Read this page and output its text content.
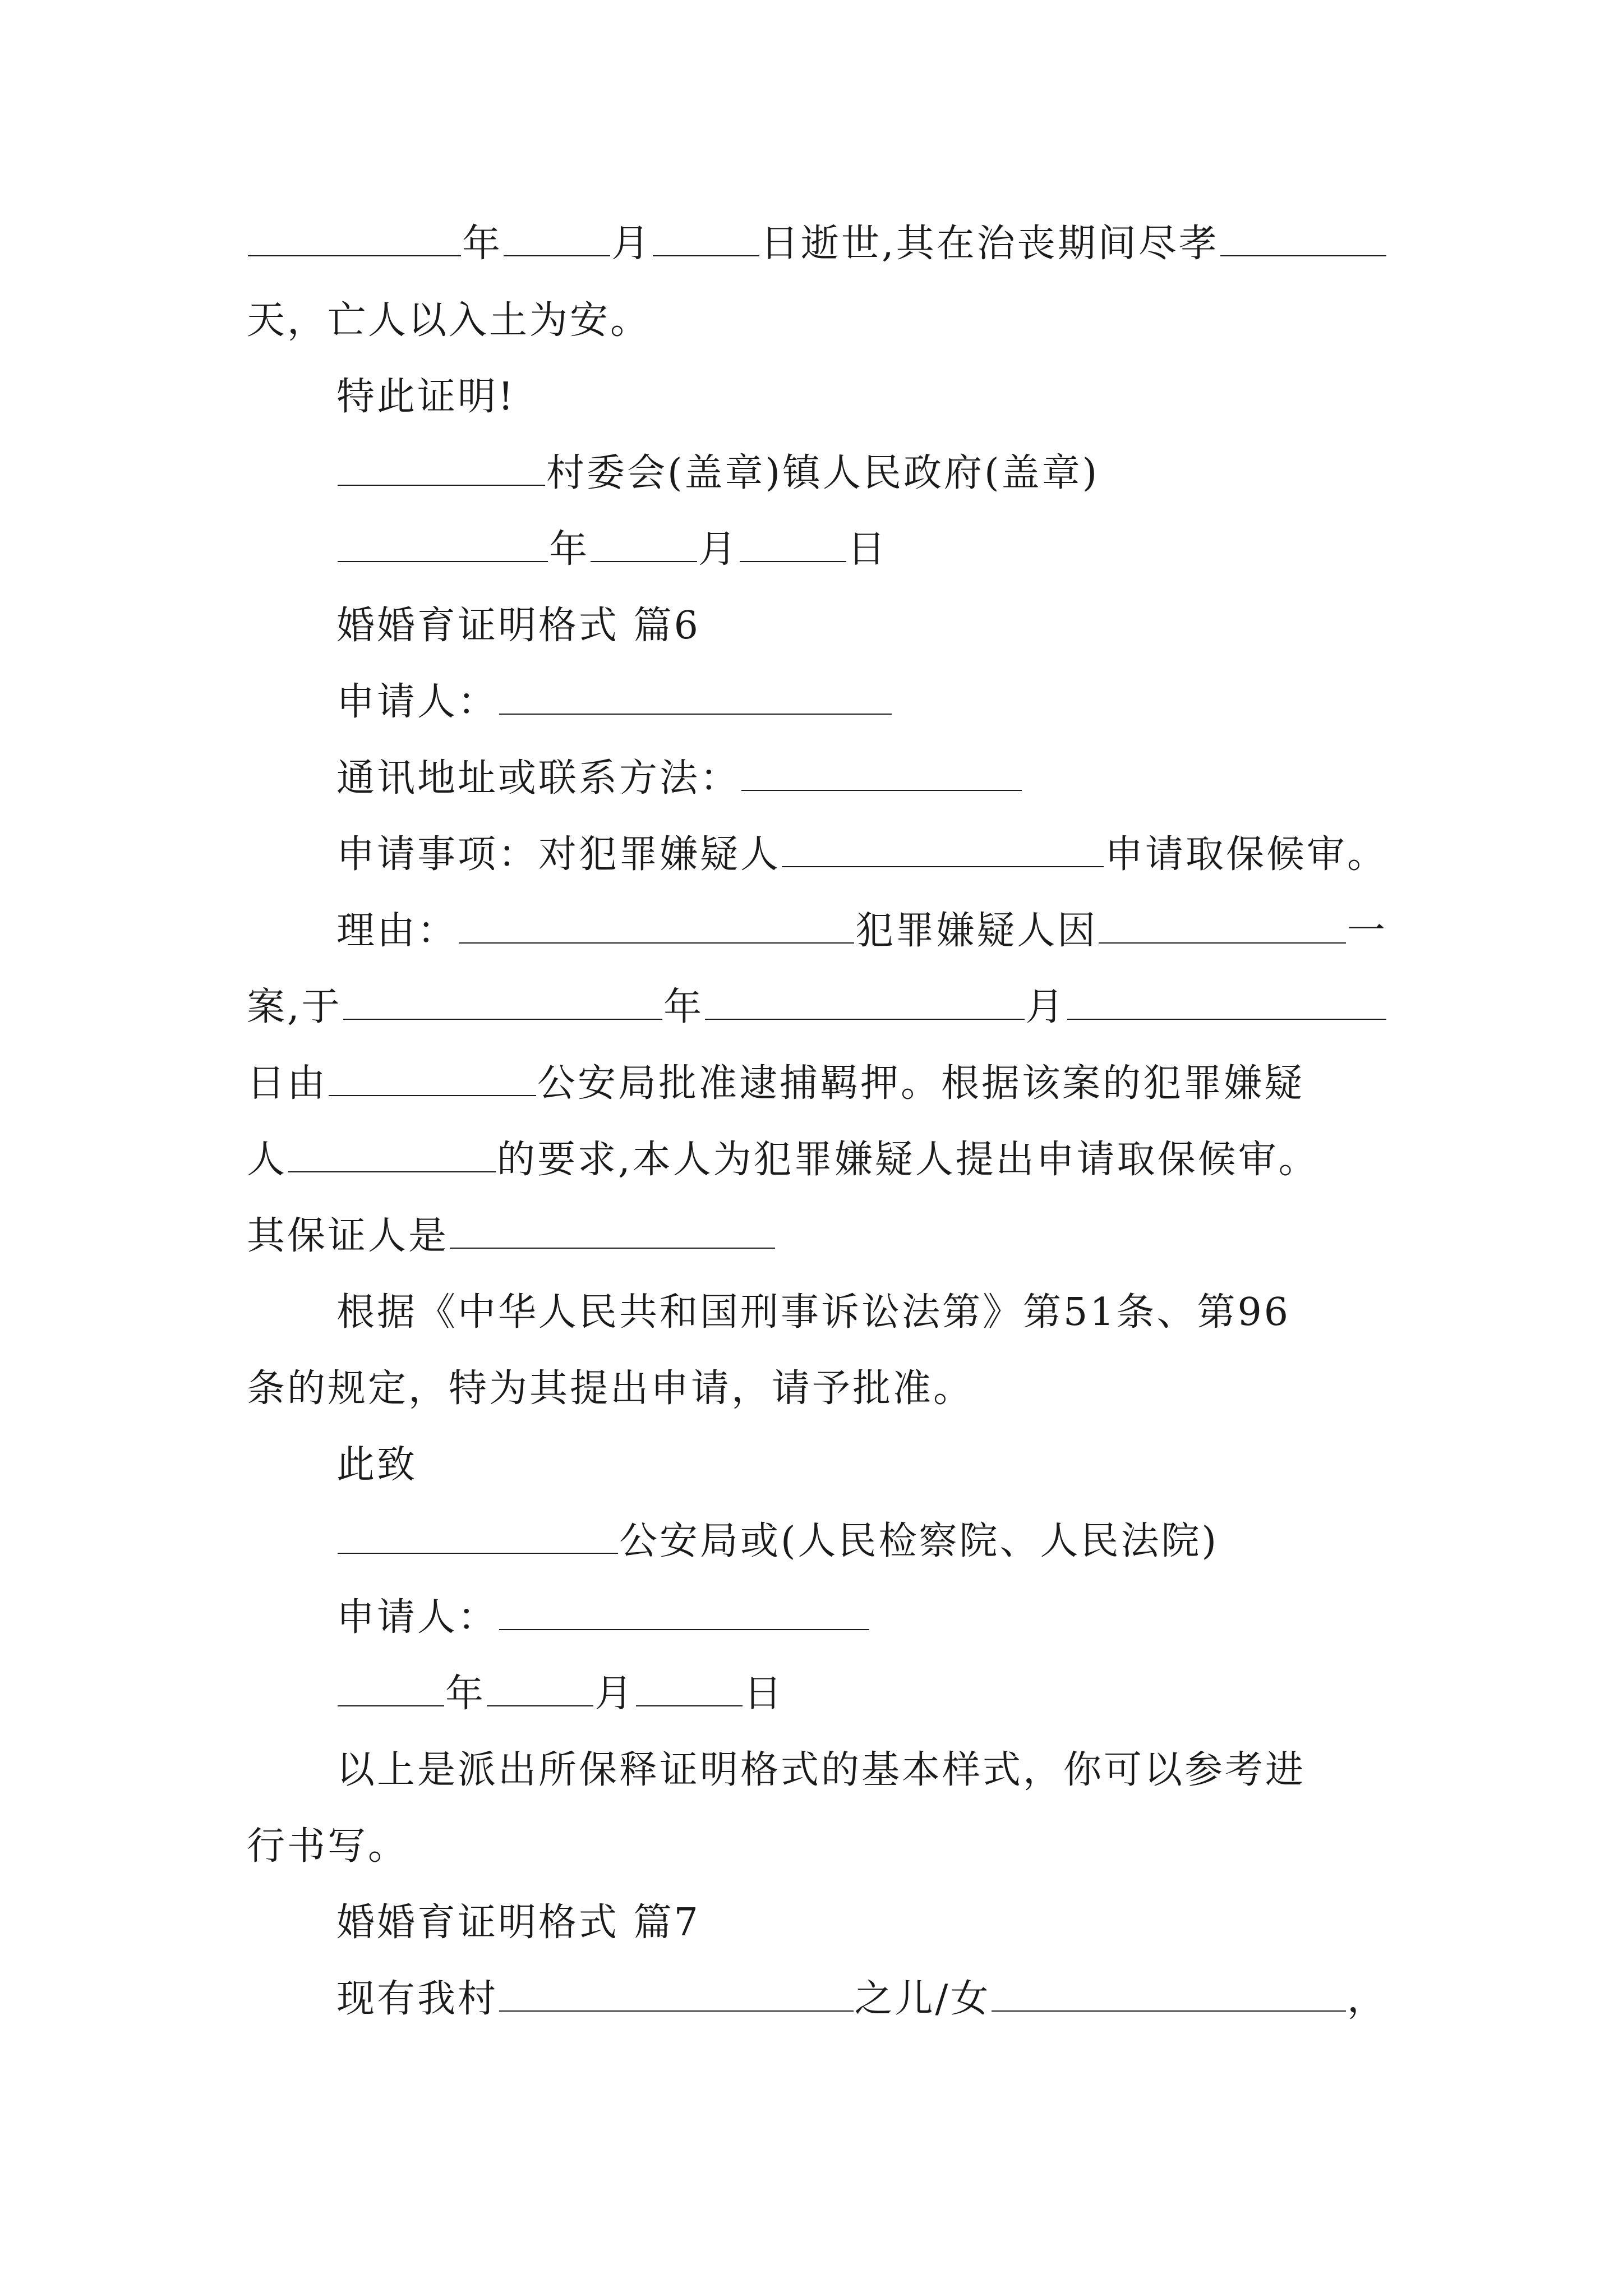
年	月	日逝世,其在治丧期间尽孝
天，亡人以入土为安。
特此证明!
村委会(盖章)镇人民政府(盖章)
年	月	日
婚婚育证明格式 篇6
申请人：
通讯地址或联系方法：
申请事项：对犯罪嫌疑人	申请取保候审。
理由：	犯罪嫌疑人因	一
案,于	年	月
日由	公安局批准逮捕羁押。根据该案的犯罪嫌疑
人	的要求,本人为犯罪嫌疑人提出申请取保候审。
其保证人是
根据《中华人民共和国刑事诉讼法第》第51条、第96
条的规定，特为其提出申请，请予批准。
此致
公安局或(人民检察院、人民法院)
申请人：
年	月	日
以上是派出所保释证明格式的基本样式，你可以参考进
行书写。
婚婚育证明格式 篇7
现有我村	之儿/女	，
